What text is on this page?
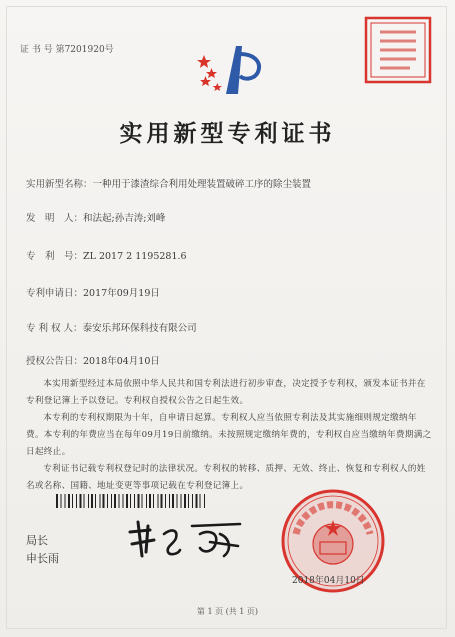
证 书 号 第7201920号
实用新型专利证书
实用新型名称：一种用于漆渣综合利用处理装置破碎工序的除尘装置
发　明　人：和法起;孙吉涛;刘峰
专　利　号：ZL 2017 2 1195281.6
专利申请日：2017年09月19日
专 利 权 人：泰安乐邦环保科技有限公司
授权公告日：2018年04月10日

本实用新型经过本局依照中华人民共和国专利法进行初步审查，决定授予专利权，颁发本证书并在专利登记簿上予以登记。专利权自授权公告之日起生效。

本专利的专利权期限为十年，自申请日起算。专利权人应当依照专利法及其实施细则规定缴纳年费。本专利的年费应当在每年09月19日前缴纳。未按照规定缴纳年费的，专利权自应当缴纳年费期满之日起终止。

专利证书记载专利权登记时的法律状况。专利权的转移、质押、无效、终止、恢复和专利权人的姓名或名称、国籍、地址变更等事项记载在专利登记簿上。

局长
申长雨
2018年04月10日
第 1 页 (共 1 页)
